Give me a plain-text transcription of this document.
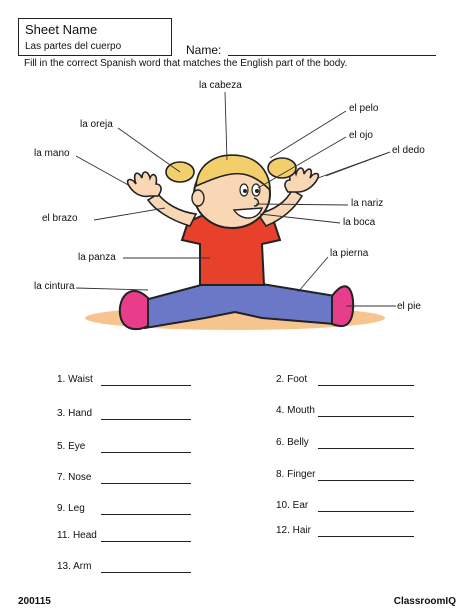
Sheet Name
Las partes del cuerpo	Name:
Fill in the correct Spanish word that matches the English part of the body.
la cabeza
el pelo
la oreja
el ojo
el dedo
la mano
la nariz
el brazo	la boca
la pierna
la panza
la cintura
el pie
1. Waist
3. Hand
5. Eye
7. Nose
9. Leg
11. Head
13. Arm
2. Foot
4. Mouth
6. Belly
8. Finger
10. Ear
12. Hair
200115	ClassroomIQ
